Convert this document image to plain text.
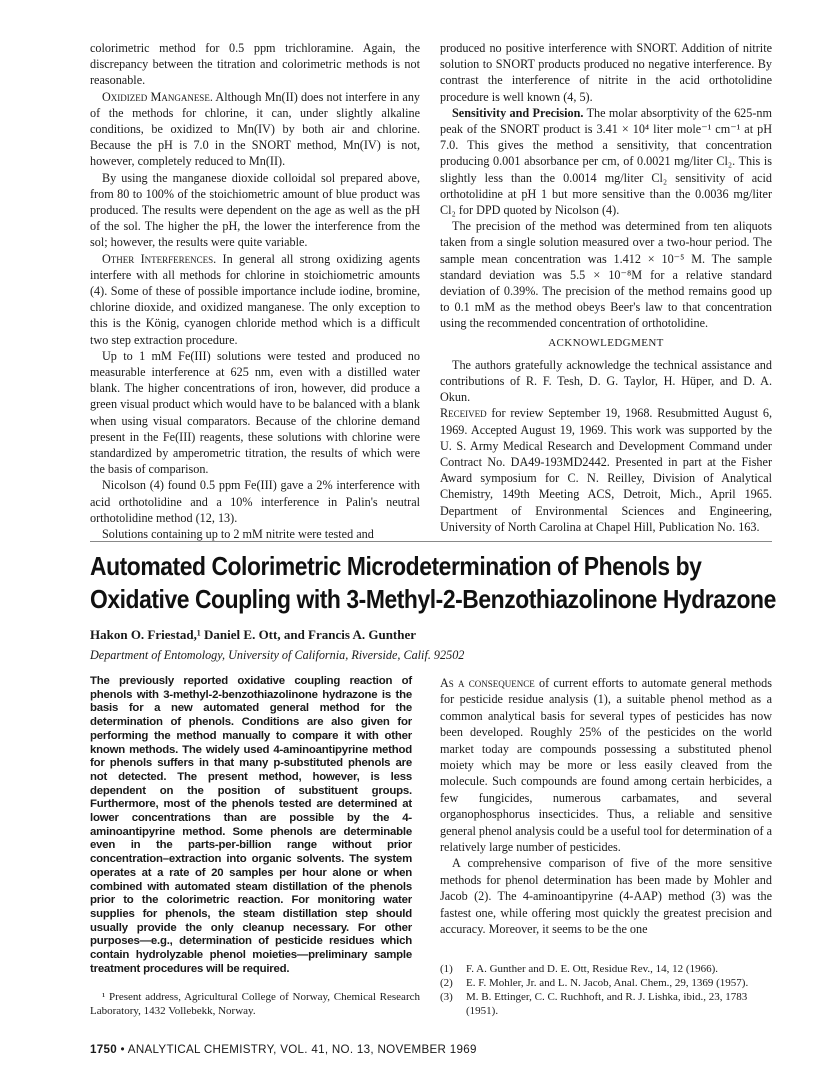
colorimetric method for 0.5 ppm trichloramine. Again, the discrepancy between the titration and colorimetric methods is not reasonable.

Oxidized Manganese. Although Mn(II) does not interfere in any of the methods for chlorine, it can, under slightly alkaline conditions, be oxidized to Mn(IV) by both air and chlorine. Because the pH is 7.0 in the SNORT method, Mn(IV) is not, however, completely reduced to Mn(II).

By using the manganese dioxide colloidal sol prepared above, from 80 to 100% of the stoichiometric amount of blue product was produced. The results were dependent on the age as well as the pH of the sol. The higher the pH, the lower the interference from the sol; however, the results were quite variable.

Other Interferences. In general all strong oxidizing agents interfere with all methods for chlorine in stoichiometric amounts (4). Some of these of possible importance include iodine, bromine, chlorine dioxide, and oxidized manganese. The only exception to this is the König, cyanogen chloride method which is a difficult two step extraction procedure.

Up to 1 mM Fe(III) solutions were tested and produced no measurable interference at 625 nm, even with a distilled water blank. The higher concentrations of iron, however, did produce a green visual product which would have to be balanced with a blank when using visual comparators. Because of the chlorine demand present in the Fe(III) reagents, these solutions with chlorine were standardized by amperometric titration, the results of which were the basis of comparison.

Nicolson (4) found 0.5 ppm Fe(III) gave a 2% interference with acid orthotolidine and a 10% interference in Palin's neutral orthotolidine method (12, 13).

Solutions containing up to 2 mM nitrite were tested and

produced no positive interference with SNORT. Addition of nitrite solution to SNORT products produced no negative interference. By contrast the interference of nitrite in the acid orthotolidine procedure is well known (4, 5).

Sensitivity and Precision. The molar absorptivity of the 625-nm peak of the SNORT product is 3.41 × 10⁴ liter mole⁻¹ cm⁻¹ at pH 7.0. This gives the method a sensitivity, that concentration producing 0.001 absorbance per cm, of 0.0021 mg/liter Cl₂. This is slightly less than the 0.0014 mg/liter Cl₂ sensitivity of acid orthotolidine at pH 1 but more sensitive than the 0.0036 mg/liter Cl₂ for DPD quoted by Nicolson (4).

The precision of the method was determined from ten aliquots taken from a single solution measured over a two-hour period. The sample mean concentration was 1.412 × 10⁻⁵ M. The sample standard deviation was 5.5 × 10⁻⁸M for a relative standard deviation of 0.39%. The precision of the method remains good up to 0.1 mM as the method obeys Beer's law to that concentration using the recommended concentration of orthotolidine.

ACKNOWLEDGMENT

The authors gratefully acknowledge the technical assistance and contributions of R. F. Tesh, D. G. Taylor, H. Hüper, and D. A. Okun.

Received for review September 19, 1968. Resubmitted August 6, 1969. Accepted August 19, 1969. This work was supported by the U. S. Army Medical Research and Development Command under Contract No. DA49-193MD2442. Presented in part at the Fisher Award symposium for C. N. Reilley, Division of Analytical Chemistry, 149th Meeting ACS, Detroit, Mich., April 1965. Department of Environmental Sciences and Engineering, University of North Carolina at Chapel Hill, Publication No. 163.

Automated Colorimetric Microdetermination of Phenols by
Oxidative Coupling with 3-Methyl-2-Benzothiazolinone Hydrazone
Hakon O. Friestad,¹ Daniel E. Ott, and Francis A. Gunther
Department of Entomology, University of California, Riverside, Calif. 92502

The previously reported oxidative coupling reaction of phenols with 3-methyl-2-benzothiazolinone hydrazone is the basis for a new automated general method for the determination of phenols. Conditions are also given for performing the method manually to compare it with other known methods. The widely used 4-aminoantipyrine method for phenols suffers in that many p-substituted phenols are not detected. The present method, however, is less dependent on the position of substituent groups. Furthermore, most of the phenols tested are determined at lower concentrations than are possible by the 4-aminoantipyrine method. Some phenols are determinable even in the parts-per-billion range without prior concentration–extraction into organic solvents. The system operates at a rate of 20 samples per hour alone or when combined with automated steam distillation of the phenols prior to the colorimetric reaction. For monitoring water supplies for phenols, the steam distillation step should usually provide the only cleanup necessary. For other purposes—e.g., determination of pesticide residues which contain hydrolyzable phenol moieties—preliminary sample treatment procedures will be required.

¹ Present address, Agricultural College of Norway, Chemical Research Laboratory, 1432 Vollebekk, Norway.

As a consequence of current efforts to automate general methods for pesticide residue analysis (1), a suitable phenol method as a common analytical basis for several types of pesticides has now been developed. Roughly 25% of the pesticides on the world market today are compounds possessing a substituted phenol moiety which may be more or less easily cleaved from the molecule. Such compounds are found among certain herbicides, a few fungicides, numerous carbamates, and several organophosphorus insecticides. Thus, a reliable and sensitive general phenol analysis could be a useful tool for determination of a relatively large number of pesticides.

A comprehensive comparison of five of the more sensitive methods for phenol determination has been made by Mohler and Jacob (2). The 4-aminoantipyrine (4-AAP) method (3) was the fastest one, while offering most quickly the greatest precision and accuracy. Moreover, it seems to be the one

(1) F. A. Gunther and D. E. Ott, Residue Rev., 14, 12 (1966).
(2) E. F. Mohler, Jr. and L. N. Jacob, Anal. Chem., 29, 1369 (1957).
(3) M. B. Ettinger, C. C. Ruchhoft, and R. J. Lishka, ibid., 23, 1783 (1951).
1750 • ANALYTICAL CHEMISTRY, VOL. 41, NO. 13, NOVEMBER 1969
